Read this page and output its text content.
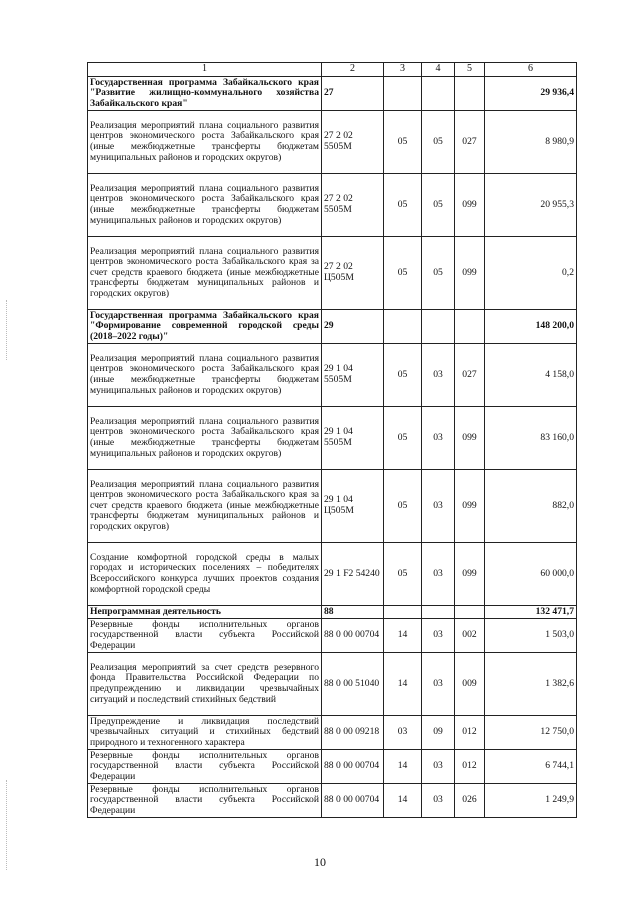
1	2	3	4	5	6
Государственная программа Забайкальского края "Развитие жилищно-коммунального хозяйства Забайкальского края"	27				29 936,4
Реализация мероприятий плана социального развития центров экономического роста Забайкальского края (иные межбюджетные трансферты бюджетам муниципальных районов и городских округов)	27 2 02 5505М	05	05	027	8 980,9
Реализация мероприятий плана социального развития центров экономического роста Забайкальского края (иные межбюджетные трансферты бюджетам муниципальных районов и городских округов)	27 2 02 5505М	05	05	099	20 955,3
Реализация мероприятий плана социального развития центров экономического роста Забайкальского края за счет средств краевого бюджета (иные межбюджетные трансферты бюджетам муниципальных районов и городских округов)	27 2 02 Ц505М	05	05	099	0,2
Государственная программа Забайкальского края "Формирование современной городской среды (2018–2022 годы)"	29				148 200,0
Реализация мероприятий плана социального развития центров экономического роста Забайкальского края (иные межбюджетные трансферты бюджетам муниципальных районов и городских округов)	29 1 04 5505М	05	03	027	4 158,0
Реализация мероприятий плана социального развития центров экономического роста Забайкальского края (иные межбюджетные трансферты бюджетам муниципальных районов и городских округов)	29 1 04 5505М	05	03	099	83 160,0
Реализация мероприятий плана социального развития центров экономического роста Забайкальского края за счет средств краевого бюджета (иные межбюджетные трансферты бюджетам муниципальных районов и городских округов)	29 1 04 Ц505М	05	03	099	882,0
Создание комфортной городской среды в малых городах и исторических поселениях – победителях Всероссийского конкурса лучших проектов создания комфортной городской среды	29 1 F2 54240	05	03	099	60 000,0
Непрограммная деятельность	88				132 471,7
Резервные фонды исполнительных органов государственной власти субъекта Российской Федерации	88 0 00 00704	14	03	002	1 503,0
Реализация мероприятий за счет средств резервного фонда Правительства Российской Федерации по предупреждению и ликвидации чрезвычайных ситуаций и последствий стихийных бедствий	88 0 00 51040	14	03	009	1 382,6
Предупреждение и ликвидация последствий чрезвычайных ситуаций и стихийных бедствий природного и техногенного характера	88 0 00 09218	03	09	012	12 750,0
Резервные фонды исполнительных органов государственной власти субъекта Российской Федерации	88 0 00 00704	14	03	012	6 744,1
Резервные фонды исполнительных органов государственной власти субъекта Российской Федерации	88 0 00 00704	14	03	026	1 249,9
10
